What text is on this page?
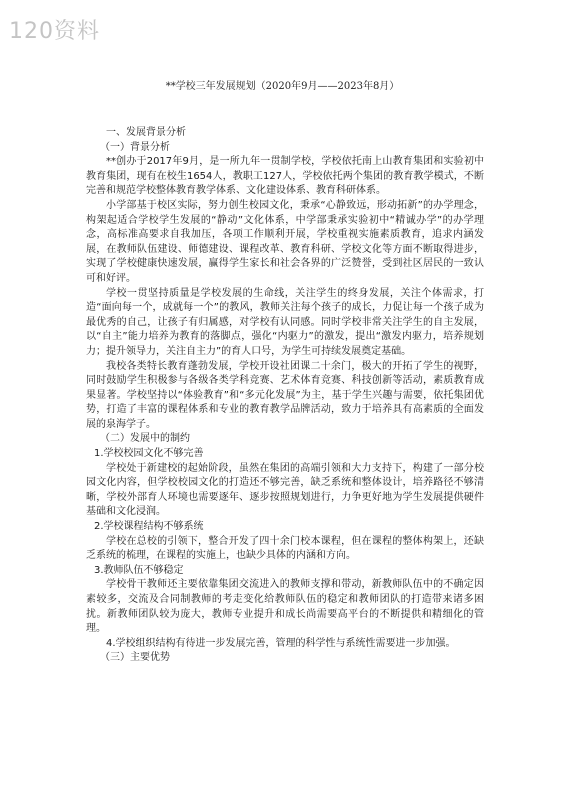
120资料
**学校三年发展规划（2020年9月——2023年8月）

一、发展背景分析

（一）背景分析

**创办于2017年9月，是一所九年一贯制学校，学校依托南上山教育集团和实验初中教育集团，现有在校生1654人，教职工127人，学校依托两个集团的教育教学模式，不断完善和规范学校整体教育教学体系、文化建设体系、教育科研体系。

小学部基于校区实际，努力创生校园文化，秉承“心静致远，形动拓新”的办学理念，构架起适合学校学生发展的“静动”文化体系，中学部秉承实验初中“精诚办学”的办学理念，高标准高要求自我加压，各项工作顺利开展，学校重视实施素质教育，追求内涵发展，在教师队伍建设、师德建设、课程改革、教育科研、学校文化等方面不断取得进步，实现了学校健康快速发展，赢得学生家长和社会各界的广泛赞誉，受到社区居民的一致认可和好评。

学校一贯坚持质量是学校发展的生命线，关注学生的终身发展，关注个体需求，打造“面向每一个，成就每一个”的教风，教师关注每个孩子的成长，力促让每一个孩子成为最优秀的自己，让孩子有归属感，对学校有认同感。同时学校非常关注学生的自主发展，以“自主”能力培养为教育的落脚点，强化“内驱力”的激发，提出“激发内驱力，培养规划力；提升领导力，关注自主力”的育人口号，为学生可持续发展奠定基础。

我校各类特长教育蓬勃发展，学校开设社团课二十余门，极大的开拓了学生的视野，同时鼓励学生积极参与各级各类学科竞赛、艺术体育竞赛、科技创新等活动，素质教育成果显著。学校坚持以“体验教育”和“多元化发展”为主，基于学生兴趣与需要，依托集团优势，打造了丰富的课程体系和专业的教育教学品牌活动，致力于培养具有高素质的全面发展的泉海学子。

（二）发展中的制约

1.学校校园文化不够完善

学校处于新建校的起始阶段，虽然在集团的高端引领和大力支持下，构建了一部分校园文化内容，但学校校园文化的打造还不够完善，缺乏系统和整体设计，培养路径不够清晰，学校外部育人环境也需要逐年、逐步按照规划进行，力争更好地为学生发展提供硬件基础和文化浸润。

2.学校课程结构不够系统

学校在总校的引领下，整合开发了四十余门校本课程，但在课程的整体构架上，还缺乏系统的梳理，在课程的实施上，也缺少具体的内涵和方向。

3.教师队伍不够稳定

学校骨干教师还主要依靠集团交流进入的教师支撑和带动，新教师队伍中的不确定因素较多，交流及合同制教师的考走变化给教师队伍的稳定和教师团队的打造带来诸多困扰。新教师团队较为庞大，教师专业提升和成长尚需要高平台的不断提供和精细化的管理。

4.学校组织结构有待进一步发展完善，管理的科学性与系统性需要进一步加强。

（三）主要优势
